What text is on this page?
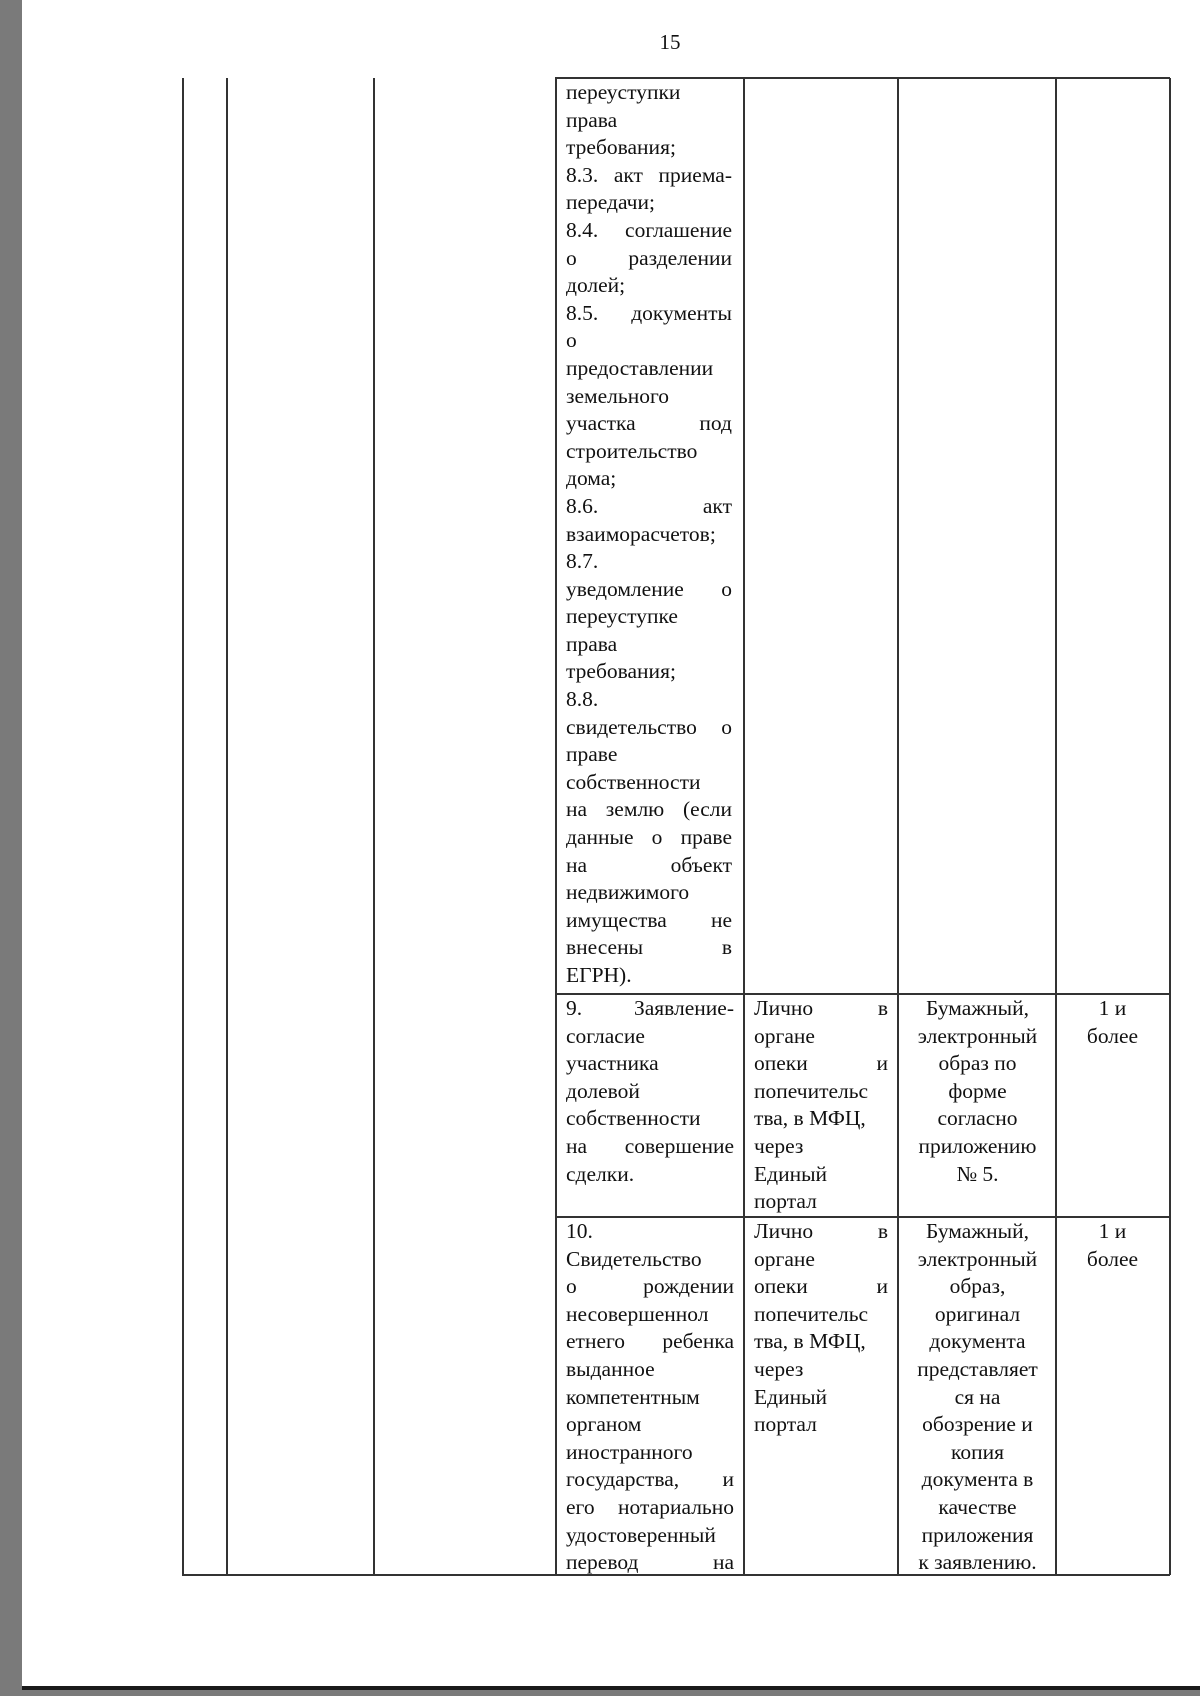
15

переуступки

права

требования;

8.3. акт приема-

передачи;

8.4. соглашение

о разделении

долей;

8.5. документы

о

предоставлении

земельного

участка под

строительство

дома;

8.6. акт

взаиморасчетов;

8.7.

уведомление о

переуступке

права

требования;

8.8.

свидетельство о

праве

собственности

на землю (если

данные о праве

на объект

недвижимого

имущества не

внесены в

ЕГРН).

9. Заявление-

согласие

участника

долевой

собственности

на совершение

сделки.

Лично в

органе

опеки и

попечительс

тва, в МФЦ,

через

Единый

портал

Бумажный,

электронный

образ по

форме

согласно

приложению

№ 5.

1 и

более

10.

Свидетельство

о рождении

несовершеннол

етнего ребенка

выданное

компетентным

органом

иностранного

государства, и

его нотариально

удостоверенный

перевод на

Лично в

органе

опеки и

попечительс

тва, в МФЦ,

через

Единый

портал

Бумажный,

электронный

образ,

оригинал

документа

представляет

ся на

обозрение и

копия

документа в

качестве

приложения

к заявлению.

1 и

более
